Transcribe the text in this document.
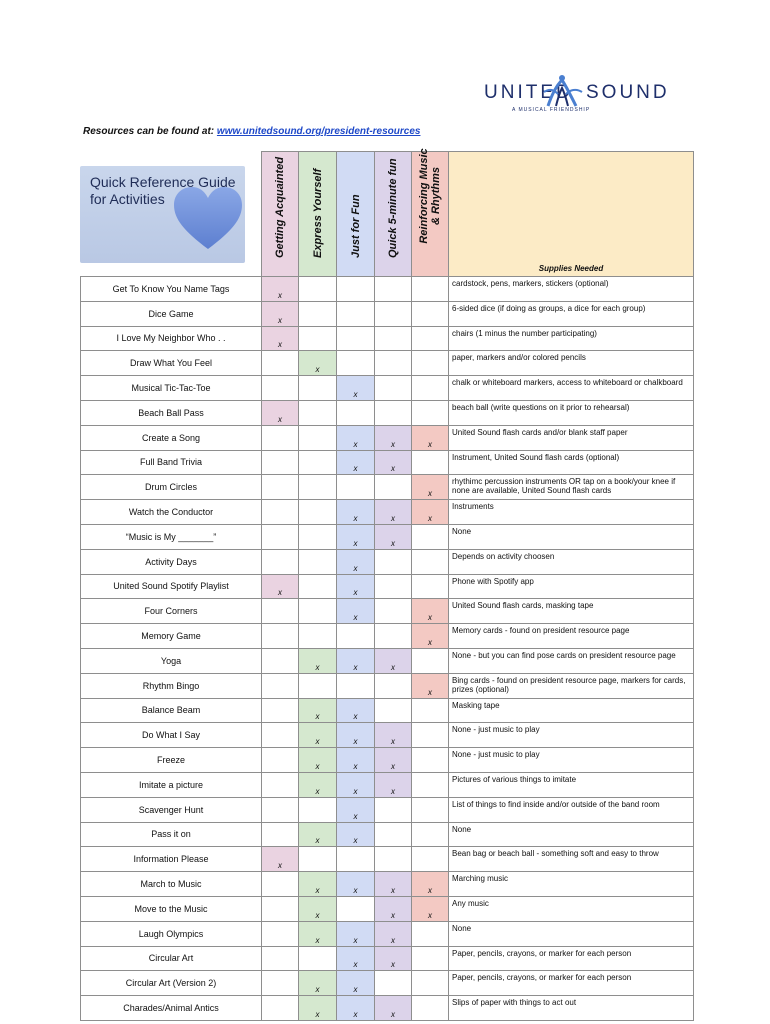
UNITED SOUND
A MUSICAL FRIENDSHIP
Resources can be found at: www.unitedsound.org/president-resources

	Getting Acquainted	Express Yourself	Just for Fun	Quick 5-minute fun	Reinforcing Music & Rhythms	Supplies Needed
Get To Know You Name Tags	x					cardstock, pens, markers, stickers (optional)
Dice Game	x					6-sided dice (if doing as groups, a dice for each group)
I Love My Neighbor Who . .	x					chairs (1 minus the number participating)
Draw What You Feel		x				paper, markers and/or colored pencils
Musical Tic-Tac-Toe			x			chalk or whiteboard markers, access to whiteboard or chalkboard
Beach Ball Pass	x					beach ball (write questions on it prior to rehearsal)
Create a Song			x	x	x	United Sound flash cards and/or blank staff paper
Full Band Trivia			x	x		Instrument, United Sound flash cards (optional)
Drum Circles					x	rhythimc percussion instruments OR tap on a book/your knee if none are available, United Sound flash cards
Watch the Conductor			x	x	x	Instruments
“Music is My _______”			x	x		None
Activity Days			x			Depends on activity choosen
United Sound Spotify Playlist	x		x			Phone with Spotify app
Four Corners			x		x	United Sound flash cards, masking tape
Memory Game					x	Memory cards - found on president resource page
Yoga		x	x	x		None - but you can find pose cards on president resource page
Rhythm Bingo					x	Bing cards - found on president resource page, markers for cards, prizes (optional)
Balance Beam		x	x			Masking tape
Do What I Say		x	x	x		None - just music to play
Freeze		x	x	x		None - just music to play
Imitate a picture		x	x	x		Pictures of various things to imitate
Scavenger Hunt			x			List of things to find inside and/or outside of the band room
Pass it on		x	x			None
Information Please	x					Bean bag or beach ball - something soft and easy to throw
March to Music		x	x	x	x	Marching music
Move to the Music		x		x	x	Any music
Laugh Olympics		x	x	x		None
Circular Art			x	x		Paper, pencils, crayons, or marker for each person
Circular Art (Version 2)		x	x			Paper, pencils, crayons, or marker for each person
Charades/Animal Antics		x	x	x		Slips of paper with things to act out
Quick Reference Guide
for Activities
